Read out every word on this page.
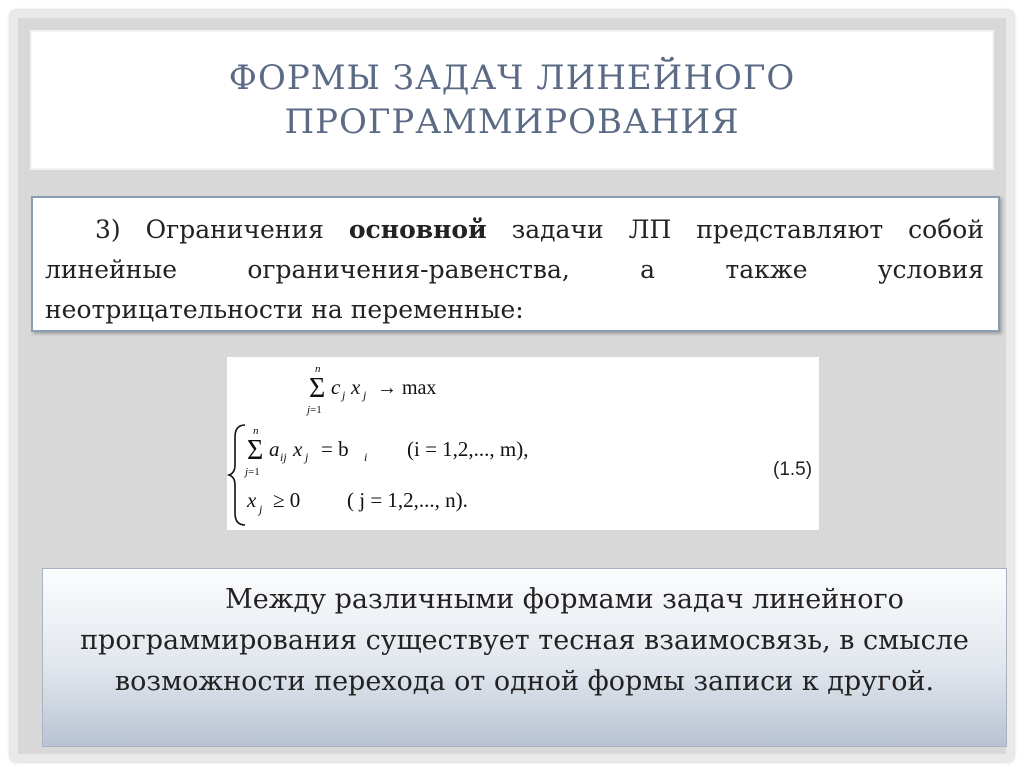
ФОРМЫ ЗАДАЧ ЛИНЕЙНОГО
ПРОГРАММИРОВАНИЯ
3) Ограничения основной задачи ЛП представляют собой линейные ограничения-равенства, а также условия неотрицательности на переменные:
n
Σ
j=1
c j x j → max
n
Σ
j=1
a ij x j = b i (i = 1,2,..., m),
x j ≥ 0 ( j = 1,2,..., n).
(1.5)
Между различными формами задач линейного программирования существует тесная взаимосвязь, в смысле возможности перехода от одной формы записи к другой.
